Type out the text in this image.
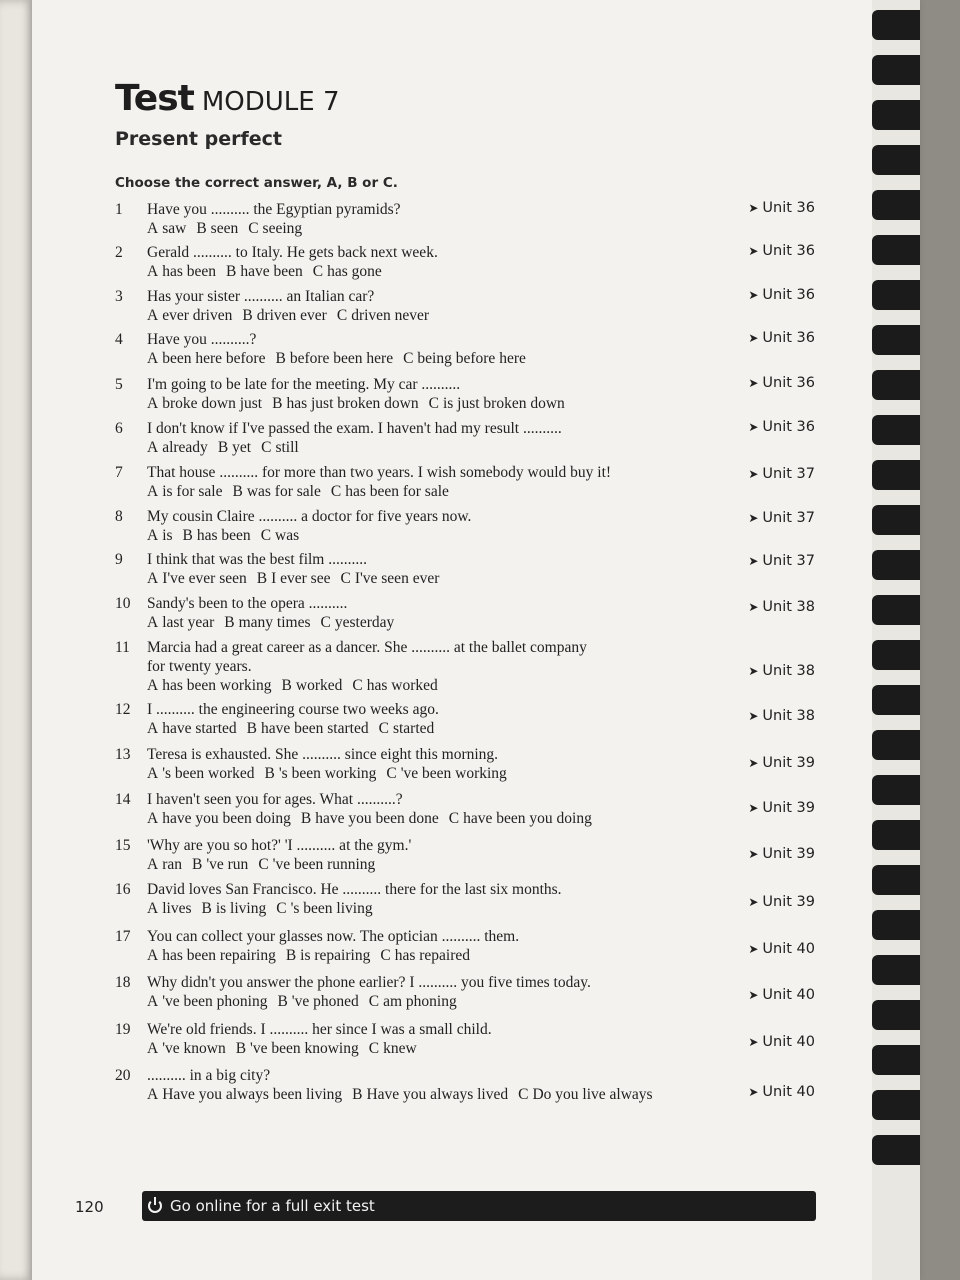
Test MODULE 7
Present perfect
Choose the correct answer, A, B or C.
1 Have you .......... the Egyptian pyramids?
A saw B seen C seeing
➤ Unit 36
2 Gerald .......... to Italy. He gets back next week.
A has been B have been C has gone
➤ Unit 36
3 Has your sister .......... an Italian car?
A ever driven B driven ever C driven never
➤ Unit 36
4 Have you ..........?
A been here before B before been here C being before here
➤ Unit 36
5 I'm going to be late for the meeting. My car ..........
A broke down just B has just broken down C is just broken down
➤ Unit 36
6 I don't know if I've passed the exam. I haven't had my result ..........
A already B yet C still
➤ Unit 36
7 That house .......... for more than two years. I wish somebody would buy it!
A is for sale B was for sale C has been for sale
➤ Unit 37
8 My cousin Claire .......... a doctor for five years now.
A is B has been C was
➤ Unit 37
9 I think that was the best film ..........
A I've ever seen B I ever see C I've seen ever
➤ Unit 37
10 Sandy's been to the opera ..........
A last year B many times C yesterday
➤ Unit 38
11 Marcia had a great career as a dancer. She .......... at the ballet company
for twenty years.
A has been working B worked C has worked
➤ Unit 38
12 I .......... the engineering course two weeks ago.
A have started B have been started C started
➤ Unit 38
13 Teresa is exhausted. She .......... since eight this morning.
A 's been worked B 's been working C 've been working
➤ Unit 39
14 I haven't seen you for ages. What ..........?
A have you been doing B have you been done C have been you doing
➤ Unit 39
15 'Why are you so hot?' 'I .......... at the gym.'
A ran B 've run C 've been running
➤ Unit 39
16 David loves San Francisco. He .......... there for the last six months.
A lives B is living C 's been living	➤ Unit 39
17 You can collect your glasses now. The optician .......... them.
A has been repairing B is repairing C has repaired	➤ Unit 40
18 Why didn't you answer the phone earlier? I .......... you five times today.
A 've been phoning B 've phoned C am phoning	➤ Unit 40
19 We're old friends. I .......... her since I was a small child.
A 've known B 've been knowing C knew	➤ Unit 40
20 .......... in a big city?
A Have you always been living B Have you always lived C Do you live always	➤ Unit 40
120	Go online for a full exit test
